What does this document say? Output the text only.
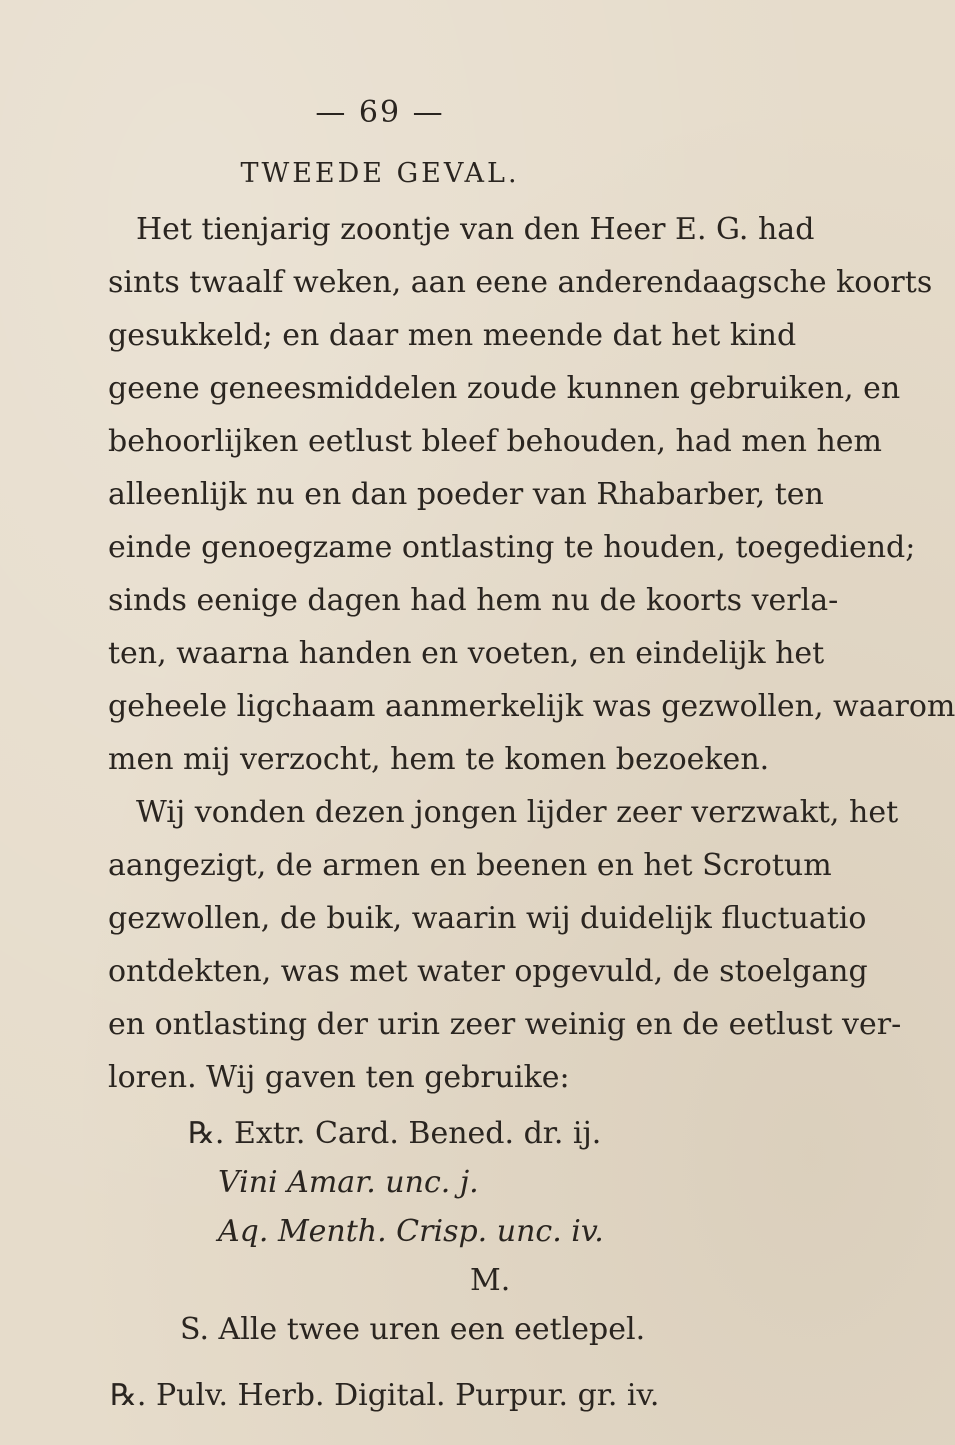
— 69 —
TWEEDE GEVAL.
Het tienjarig zoontje van den Heer E. G. had
sints twaalf weken, aan eene anderendaagsche koorts
gesukkeld; en daar men meende dat het kind
geene geneesmiddelen zoude kunnen gebruiken, en
behoorlijken eetlust bleef behouden, had men hem
alleenlijk nu en dan poeder van Rhabarber, ten
einde genoegzame ontlasting te houden, toegediend;
sinds eenige dagen had hem nu de koorts verla-
ten, waarna handen en voeten, en eindelijk het
geheele ligchaam aanmerkelijk was gezwollen, waarom
men mij verzocht, hem te komen bezoeken.
Wij vonden dezen jongen lijder zeer verzwakt, het
aangezigt, de armen en beenen en het Scrotum
gezwollen, de buik, waarin wij duidelijk fluctuatio
ontdekten, was met water opgevuld, de stoelgang
en ontlasting der urin zeer weinig en de eetlust ver-
loren. Wij gaven ten gebruike:
℞. Extr. Card. Bened. dr. ij.
Vini Amar. unc. j.
Aq. Menth. Crisp. unc. iv.
M.
S. Alle twee uren een eetlepel.
℞. Pulv. Herb. Digital. Purpur. gr. iv.
